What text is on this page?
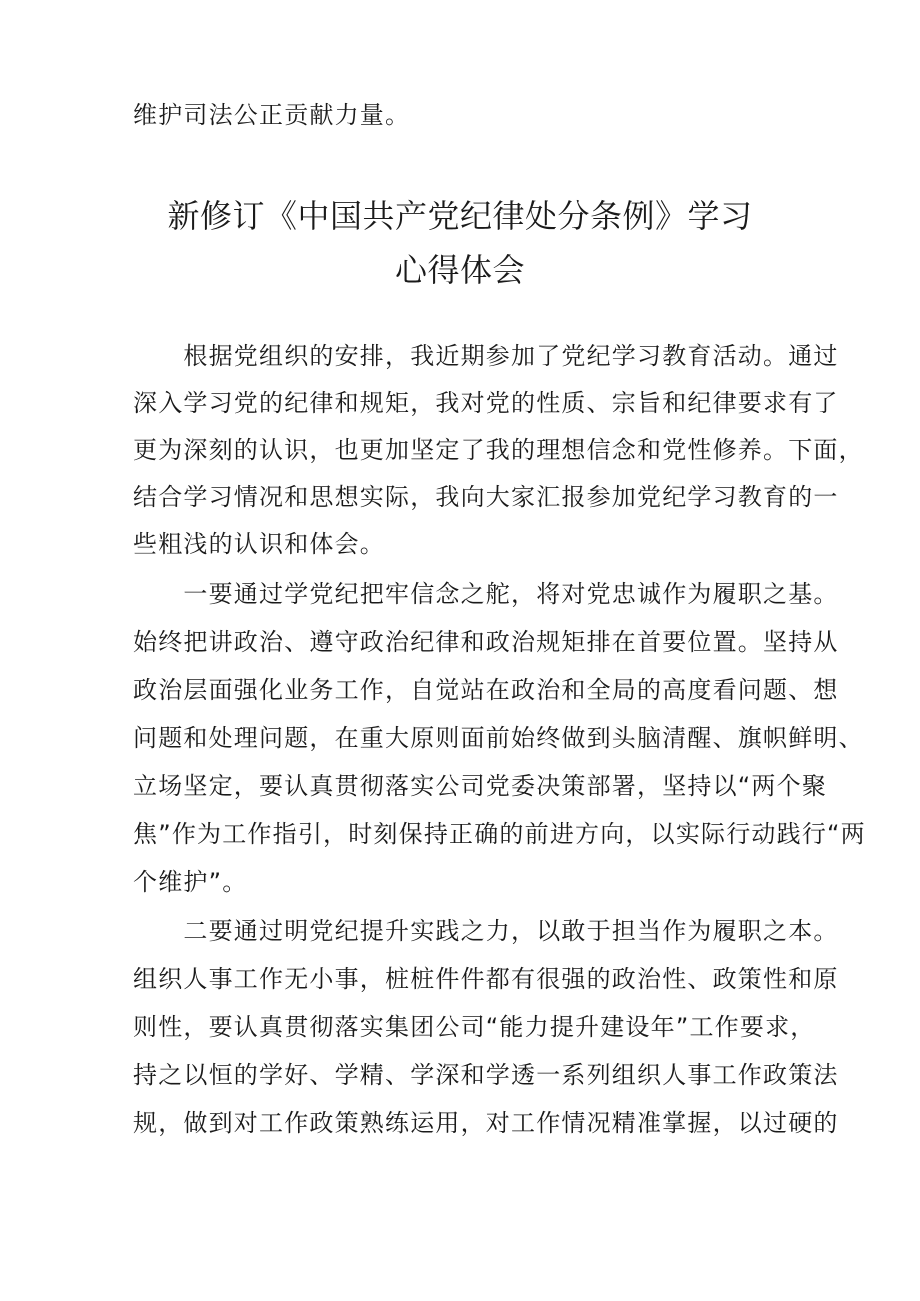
维护司法公正贡献力量。
新修订《中国共产党纪律处分条例》学习
心得体会
　　根据党组织的安排，我近期参加了党纪学习教育活动。通过
深入学习党的纪律和规矩，我对党的性质、宗旨和纪律要求有了
更为深刻的认识，也更加坚定了我的理想信念和党性修养。下面，
结合学习情况和思想实际，我向大家汇报参加党纪学习教育的一
些粗浅的认识和体会。
　　一要通过学党纪把牢信念之舵，将对党忠诚作为履职之基。
始终把讲政治、遵守政治纪律和政治规矩排在首要位置。坚持从
政治层面强化业务工作，自觉站在政治和全局的高度看问题、想
问题和处理问题，在重大原则面前始终做到头脑清醒、旗帜鲜明、
立场坚定，要认真贯彻落实公司党委决策部署，坚持以“两个聚
焦”作为工作指引，时刻保持正确的前进方向，以实际行动践行“两
个维护”。
　　二要通过明党纪提升实践之力，以敢于担当作为履职之本。
组织人事工作无小事，桩桩件件都有很强的政治性、政策性和原
则性，要认真贯彻落实集团公司“能力提升建设年”工作要求，
持之以恒的学好、学精、学深和学透一系列组织人事工作政策法
规，做到对工作政策熟练运用，对工作情况精准掌握，以过硬的
